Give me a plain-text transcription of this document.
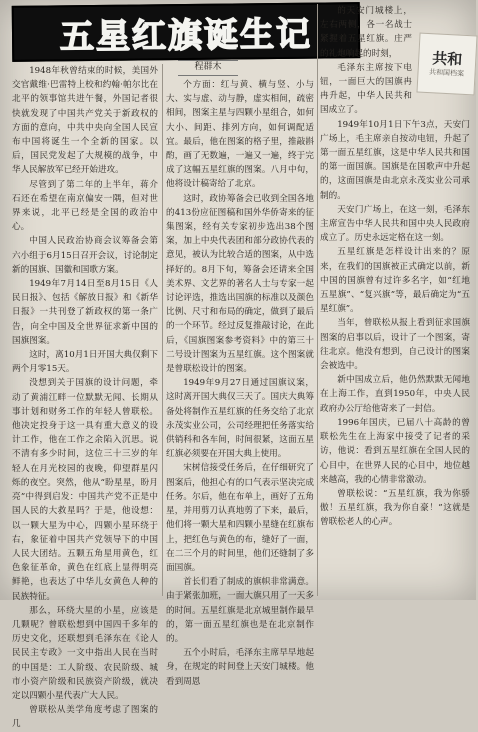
五星红旗诞生记
程群木

1948年秋曾结束的时候，美国外交官戴维·巴雷特上校和约翰·帕尔比在北平的领事馆共进午餐，外国记者很快就发现了中国共产党关于新政权的方面的意向，中共中央向全国人民宣布中国将诞生一个全新的国家。以后，国民党发起了大规模的战争，中华人民解放军已经开始进攻。

尽管到了第二年的上半年，蒋介石还在希望在南京偏安一隅，但对世界来说，北平已经是全国的政治中心。

中国人民政治协商会议筹备会第六小组于6月15日召开会议，讨论制定新的国旗、国徽和国歌方案。

1949年7月14日至8月15日《人民日报》、包括《解放日报》和《新华日报》一共刊登了新政权的第一条广告，向全中国及全世界征求新中国的国旗图案。

这时，离10月1日开国大典仅剩下两个月零15天。

没想到关于国旗的设计问题，牵动了黄浦江畔一位默默无闻、长期从事计划和财务工作的年轻人曾联松。他决定投身于这一具有重大意义的设计工作，他在工作之余陷入沉思。说不清有多少时间，这位三十三岁的年轻人在月光校园的夜晚，仰望群星闪烁的夜空。突然，他从“盼星星，盼月亮”中得到启发：中国共产党不正是中国人民的大救星吗？于是，他设想：以一颗大星为中心，四颗小星环绕于右，象征着中国共产党领导下的中国人民大团结。五颗五角星用黄色，红色象征革命，黄色在红底上显得明亮鲜艳，也表达了中华儿女黄色人种的民族特征。

那么，环绕大星的小星，应该是几颗呢？曾联松想到中国四千多年的历史文化，还联想到毛泽东在《论人民民主专政》一文中指出人民在当时的中国是：工人阶级、农民阶级、城市小资产阶级和民族资产阶级，就决定以四颗小星代表广大人民。

曾联松从美学角度考虑了图案的几

个方面：红与黄、横与竖、小与大、实与虚、动与静，虚实相间，疏密相间，图案主星与四颗小星组合，如何大小、间距、排列方向，如何调配适宜。最后，他在图案的格子里，推敲斟酌，画了无数遍，一遍又一遍，终于完成了这幅五星红旗的图案。八月中旬，他将设计稿寄给了北京。

这时，政协筹备会已收到全国各地的413份应征图稿和国外华侨寄来的征集图案，经有关专家初步选出38个图案，加上中央代表团和部分政协代表的意见，被认为比较合适的图案，从中选择好的。8月下旬，筹备会还请来全国美术界、文艺界的著名人士与专家一起讨论评选，推选出国旗的标准以及颜色比例、尺寸和布局的确定，做到了最后的一个环节。经过反复推敲讨论，在此后，《国旗图案参考资料》中的第三十二号设计图案为五星红旗。这个图案就是曾联松设计的图案。

1949年9月27日通过国旗议案，这时离开国大典仅三天了。国庆大典筹备处将制作五星红旗的任务交给了北京永茂实业公司，公司经理把任务落实给供销科和各车间，时间很紧，这面五星红旗必须要在开国大典上使用。

宋树信接受任务后，在仔细研究了图案后，他担心有的口气表示坚决完成任务。尔后，他在布单上，画好了五角星，并用剪刀认真地剪了下来，最后，他们将一颗大星和四颗小星缝在红旗布上，把红色与黄色的布，缝好了一面，在二三个月的时间里，他们还缝制了多面国旗。

首长们看了制成的旗帜非常满意。由于紧张加班，一面大旗只用了一天多的时间。五星红旗是北京城里制作最早的，第一面五星红旗也是在北京制作的。

五个小时后，毛泽东主席早早地起身，在规定的时间登上天安门城楼。他看到周恩

的天安门城楼上，左右两侧，各一名战士紧握着五星红旗。庄严的礼炮响起的时刻，

毛泽东主席按下电钮，一面巨大的国旗冉冉升起，中华人民共和国成立了。

1949年10月1日下午3点，天安门广场上，毛主席亲自按动电钮，升起了第一面五星红旗，这是中华人民共和国的第一面国旗。国旗是在国歌声中升起的，这面国旗是由北京永茂实业公司承制的。

天安门广场上，在这一刻，毛泽东主席宣告中华人民共和国中央人民政府成立了。历史永远定格在这一刻。

五星红旗是怎样设计出来的？原来，在我们的国旗被正式确定以前，新中国的国旗曾有过许多名字，如“红地五星旗”、“复兴旗”等，最后确定为“五星红旗”。

当年，曾联松从报上看到征求国旗图案的启事以后，设计了一个图案，寄往北京。他没有想到，自己设计的图案会被选中。

新中国成立后，他仍然默默无闻地在上海工作，直到1950年，中央人民政府办公厅给他寄来了一封信。

1996年国庆，已届八十高龄的曾联松先生在上海家中接受了记者的采访，他说：看到五星红旗在全国人民的心目中，在世界人民的心目中，地位越来越高，我的心情非常激动。

曾联松说：“五星红旗，我为你骄傲！五星红旗，我为你自豪！”这就是曾联松老人的心声。

共和
共和国档案
